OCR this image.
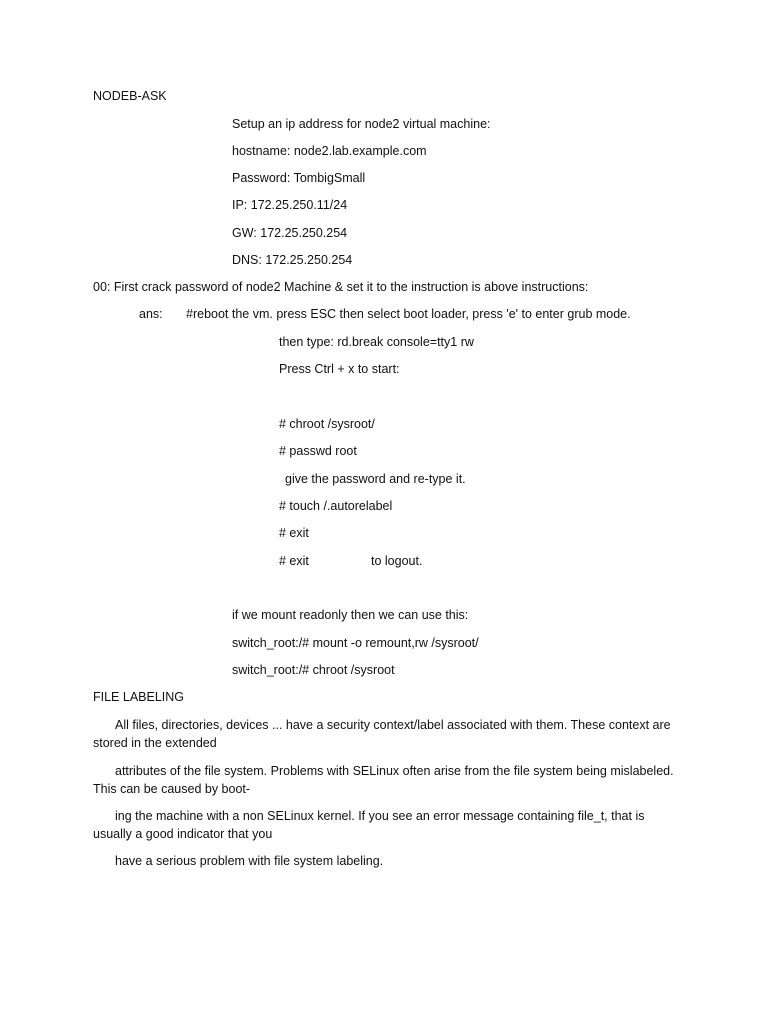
NODEB-ASK
Setup an ip address for node2 virtual machine:
hostname: node2.lab.example.com
Password: TombigSmall
IP: 172.25.250.11/24
GW: 172.25.250.254
DNS: 172.25.250.254
00: First crack password of node2 Machine & set it to the instruction is above instructions:
ans: #reboot the vm. press ESC then select boot loader, press 'e' to enter grub mode.
then type: rd.break console=tty1 rw
Press Ctrl + x to start:
# chroot /sysroot/
# passwd root
give the password and re-type it.
# touch /.autorelabel
# exit
# exit	to logout.
if we mount readonly then we can use this:
switch_root:/# mount -o remount,rw /sysroot/
switch_root:/# chroot /sysroot
FILE LABELING
All files, directories, devices ... have a security context/label associated with them. These context are stored in the extended
attributes of the file system. Problems with SELinux often arise from the file system being mislabeled. This can be caused by boot-
ing the machine with a non SELinux kernel. If you see an error message containing file_t, that is usually a good indicator that you
have a serious problem with file system labeling.
